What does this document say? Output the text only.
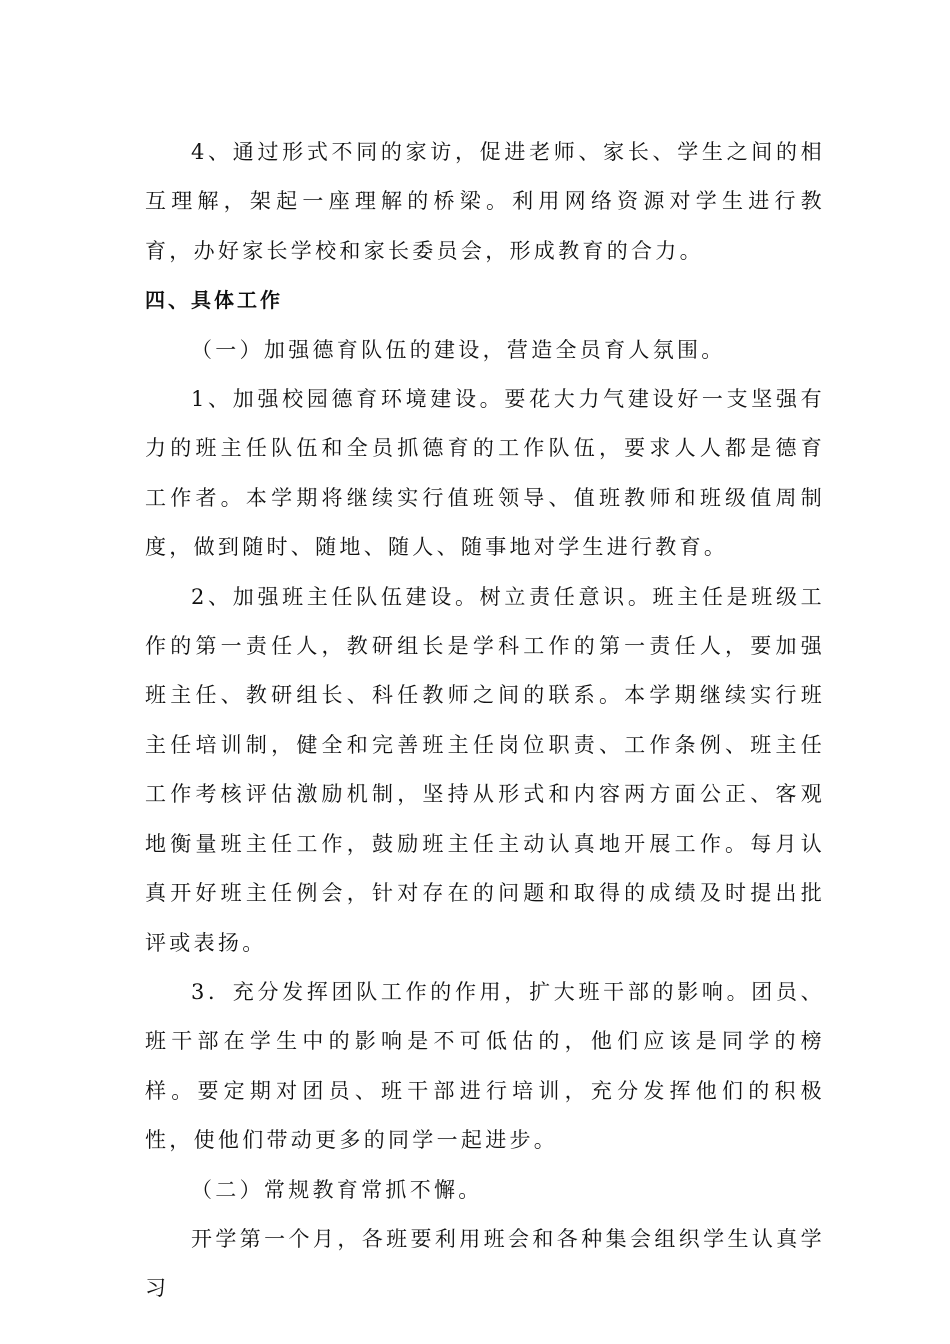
4、通过形式不同的家访，促进老师、家长、学生之间的相互理解，架起一座理解的桥梁。利用网络资源对学生进行教育，办好家长学校和家长委员会，形成教育的合力。

四、具体工作

（一）加强德育队伍的建设，营造全员育人氛围。

1、加强校园德育环境建设。要花大力气建设好一支坚强有力的班主任队伍和全员抓德育的工作队伍，要求人人都是德育工作者。本学期将继续实行值班领导、值班教师和班级值周制度，做到随时、随地、随人、随事地对学生进行教育。

2、加强班主任队伍建设。树立责任意识。班主任是班级工作的第一责任人，教研组长是学科工作的第一责任人，要加强班主任、教研组长、科任教师之间的联系。本学期继续实行班主任培训制，健全和完善班主任岗位职责、工作条例、班主任工作考核评估激励机制，坚持从形式和内容两方面公正、客观地衡量班主任工作，鼓励班主任主动认真地开展工作。每月认真开好班主任例会，针对存在的问题和取得的成绩及时提出批评或表扬。

3．充分发挥团队工作的作用，扩大班干部的影响。团员、班干部在学生中的影响是不可低估的，他们应该是同学的榜样。要定期对团员、班干部进行培训，充分发挥他们的积极性，使他们带动更多的同学一起进步。

（二）常规教育常抓不懈。

开学第一个月，各班要利用班会和各种集会组织学生认真学习
